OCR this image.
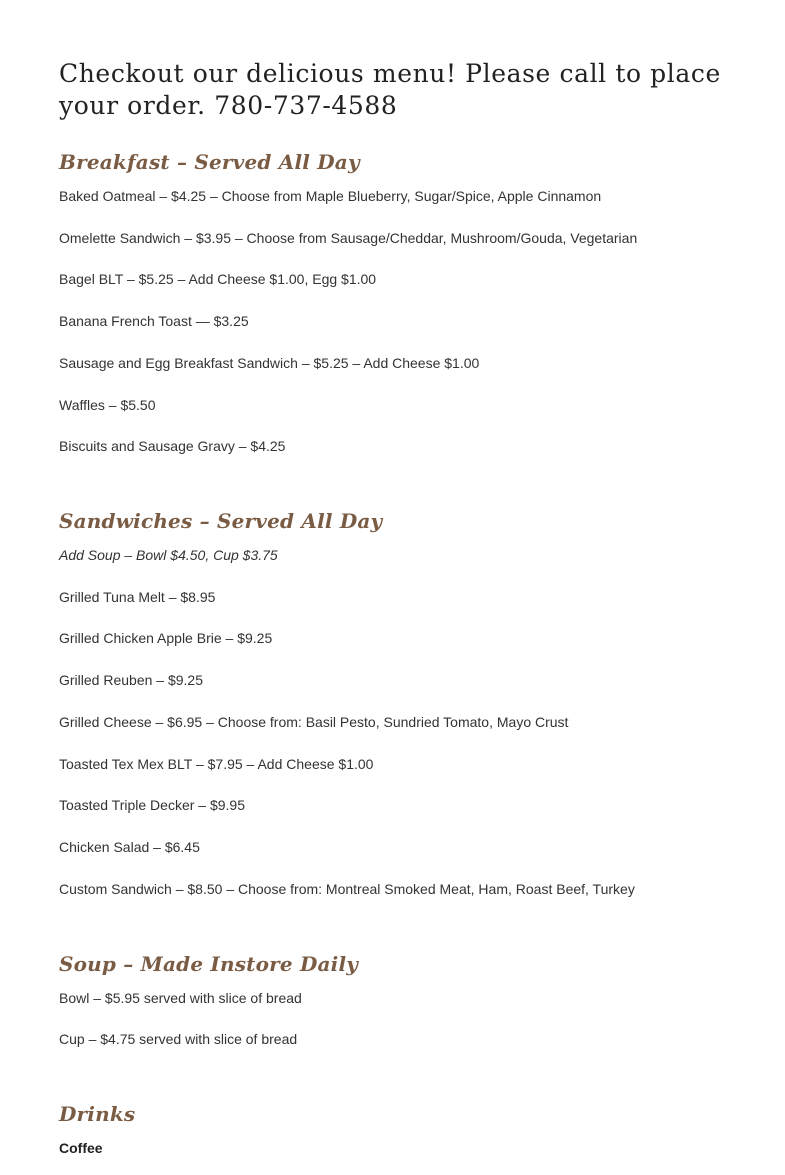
Checkout our delicious menu! Please call to place your order. 780-737-4588
Breakfast – Served All Day

Baked Oatmeal – $4.25 – Choose from Maple Blueberry, Sugar/Spice, Apple Cinnamon

Omelette Sandwich – $3.95 – Choose from Sausage/Cheddar, Mushroom/Gouda, Vegetarian

Bagel BLT – $5.25 – Add Cheese $1.00, Egg $1.00

Banana French Toast — $3.25

Sausage and Egg Breakfast Sandwich – $5.25 – Add Cheese $1.00

Waffles – $5.50

Biscuits and Sausage Gravy – $4.25

Sandwiches – Served All Day

Add Soup – Bowl $4.50, Cup $3.75

Grilled Tuna Melt – $8.95

Grilled Chicken Apple Brie – $9.25

Grilled Reuben – $9.25

Grilled Cheese – $6.95 – Choose from: Basil Pesto, Sundried Tomato, Mayo Crust

Toasted Tex Mex BLT – $7.95 – Add Cheese $1.00

Toasted Triple Decker – $9.95

Chicken Salad – $6.45

Custom Sandwich – $8.50 – Choose from: Montreal Smoked Meat, Ham, Roast Beef, Turkey

Soup – Made Instore Daily

Bowl – $5.95 served with slice of bread

Cup – $4.75 served with slice of bread

Drinks

Coffee
